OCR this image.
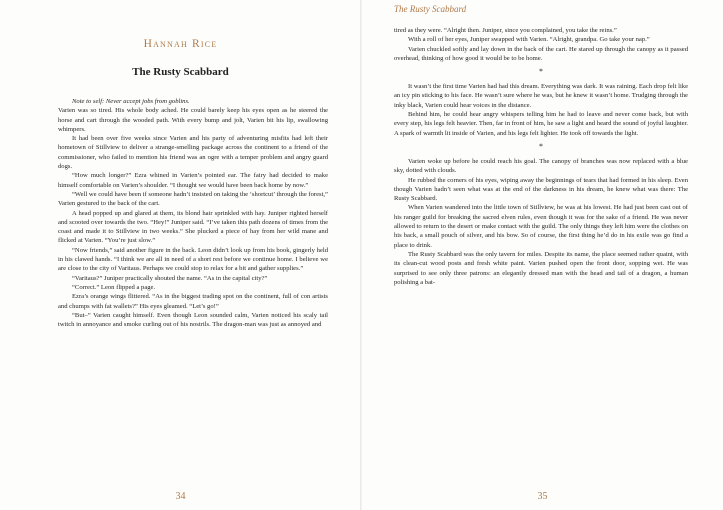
Hannah Rice
The Rusty Scabbard

Note to self: Never accept jobs from goblins.

Varien was so tired. His whole body ached. He could barely keep his eyes open as he steered the horse and cart through the wooded path. With every bump and jolt, Varien bit his lip, swallowing whimpers.

It had been over five weeks since Varien and his party of adventuring misfits had left their hometown of Stillview to deliver a strange-smelling package across the continent to a friend of the commissioner, who failed to mention his friend was an ogre with a temper problem and angry guard dogs.

“How much longer?” Ezra whined in Varien’s pointed ear. The fairy had decided to make himself comfortable on Varien’s shoulder. “I thought we would have been back home by now.”

“Well we could have been if someone hadn’t insisted on taking the ‘shortcut’ through the forest,” Varien gestured to the back of the cart.

A head popped up and glared at them, its blond hair sprinkled with hay. Juniper righted herself and scooted over towards the two. “Hey!” Juniper said. “I’ve taken this path dozens of times from the coast and made it to Stillview in two weeks.” She plucked a piece of hay from her wild mane and flicked at Varien. “You’re just slow.”

“Now friends,” said another figure in the back. Leon didn’t look up from his book, gingerly held in his clawed hands. “I think we are all in need of a short rest before we continue home. I believe we are close to the city of Varitaus. Perhaps we could stop to relax for a bit and gather supplies.”

“Varitaus?” Juniper practically shouted the name. “As in the capital city?”

“Correct.” Leon flipped a page.

Ezra’s orange wings flittered. “As in the biggest trading spot on the continent, full of con artists and chumps with fat wallets?” His eyes gleamed. “Let’s go!”

“But–” Varien caught himself. Even though Leon sounded calm, Varien noticed his scaly tail twitch in annoyance and smoke curling out of his nostrils. The dragon-man was just as annoyed and

34
The Rusty Scabbard

tired as they were. “Alright then. Juniper, since you complained, you take the reins.”

With a roll of her eyes, Juniper swapped with Varien. “Alright, grandpa. Go take your nap.”

Varien chuckled softly and lay down in the back of the cart. He stared up through the canopy as it passed overhead, thinking of how good it would be to be home.

*

It wasn’t the first time Varien had had this dream. Everything was dark. It was raining. Each drop felt like an icy pin sticking to his face. He wasn’t sure where he was, but he knew it wasn’t home. Trudging through the inky black, Varien could hear voices in the distance.

Behind him, he could hear angry whispers telling him he had to leave and never come back, but with every step, his legs felt heavier. Then, far in front of him, he saw a light and heard the sound of joyful laughter. A spark of warmth lit inside of Varien, and his legs felt lighter. He took off towards the light.

*

Varien woke up before he could reach his goal. The canopy of branches was now replaced with a blue sky, dotted with clouds.

He rubbed the corners of his eyes, wiping away the beginnings of tears that had formed in his sleep. Even though Varien hadn’t seen what was at the end of the darkness in his dream, he knew what was there: The Rusty Scabbard.

When Varien wandered into the little town of Stillview, he was at his lowest. He had just been cast out of his ranger guild for breaking the sacred elven rules, even though it was for the sake of a friend. He was never allowed to return to the desert or make contact with the guild. The only things they left him were the clothes on his back, a small pouch of silver, and his bow. So of course, the first thing he’d do in his exile was go find a place to drink.

The Rusty Scabbard was the only tavern for miles. Despite its name, the place seemed rather quaint, with its clean-cut wood posts and fresh white paint. Varien pushed open the front door, sopping wet. He was surprised to see only three patrons: an elegantly dressed man with the head and tail of a dragon, a human polishing a bat-

35
